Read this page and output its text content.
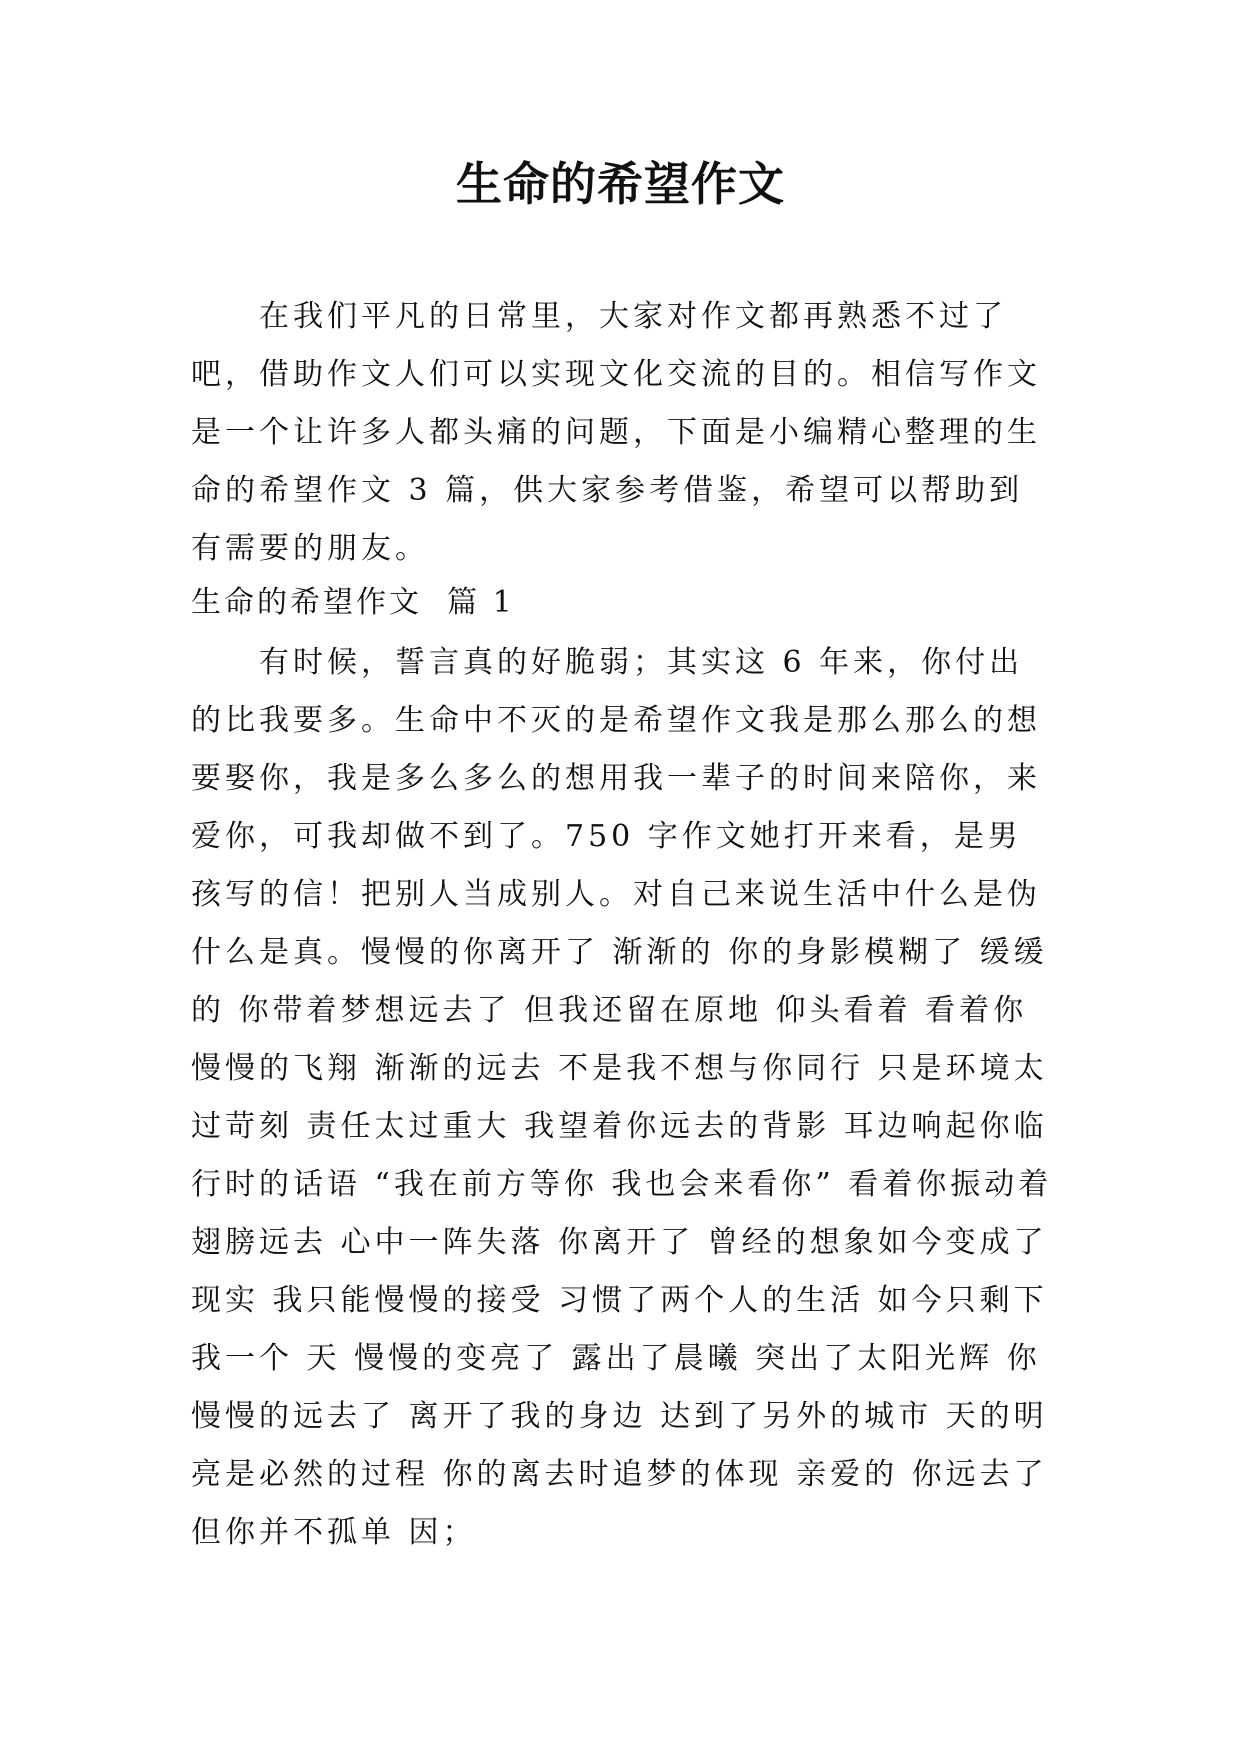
生命的希望作文

　　在我们平凡的日常里，大家对作文都再熟悉不过了吧，借助作文人们可以实现文化交流的目的。相信写作文是一个让许多人都头痛的问题，下面是小编精心整理的生命的希望作文 3 篇，供大家参考借鉴，希望可以帮助到有需要的朋友。

生命的希望作文  篇 1

　　有时候，誓言真的好脆弱；其实这 6 年来，你付出的比我要多。生命中不灭的是希望作文我是那么那么的想要娶你，我是多么多么的想用我一辈子的时间来陪你，来爱你，可我却做不到了。750 字作文她打开来看，是男孩写的信！把别人当成别人。对自己来说生活中什么是伪什么是真。慢慢的你离开了 渐渐的 你的身影模糊了 缓缓的 你带着梦想远去了 但我还留在原地 仰头看着 看着你慢慢的飞翔 渐渐的远去 不是我不想与你同行 只是环境太过苛刻 责任太过重大 我望着你远去的背影 耳边响起你临行时的话语 “我在前方等你 我也会来看你” 看着你振动着翅膀远去 心中一阵失落 你离开了 曾经的想象如今变成了现实 我只能慢慢的接受 习惯了两个人的生活 如今只剩下我一个 天 慢慢的变亮了 露出了晨曦 突出了太阳光辉 你 慢慢的远去了 离开了我的身边 达到了另外的城市 天的明亮是必然的过程 你的离去时追梦的体现 亲爱的 你远去了 但你并不孤单 因；
